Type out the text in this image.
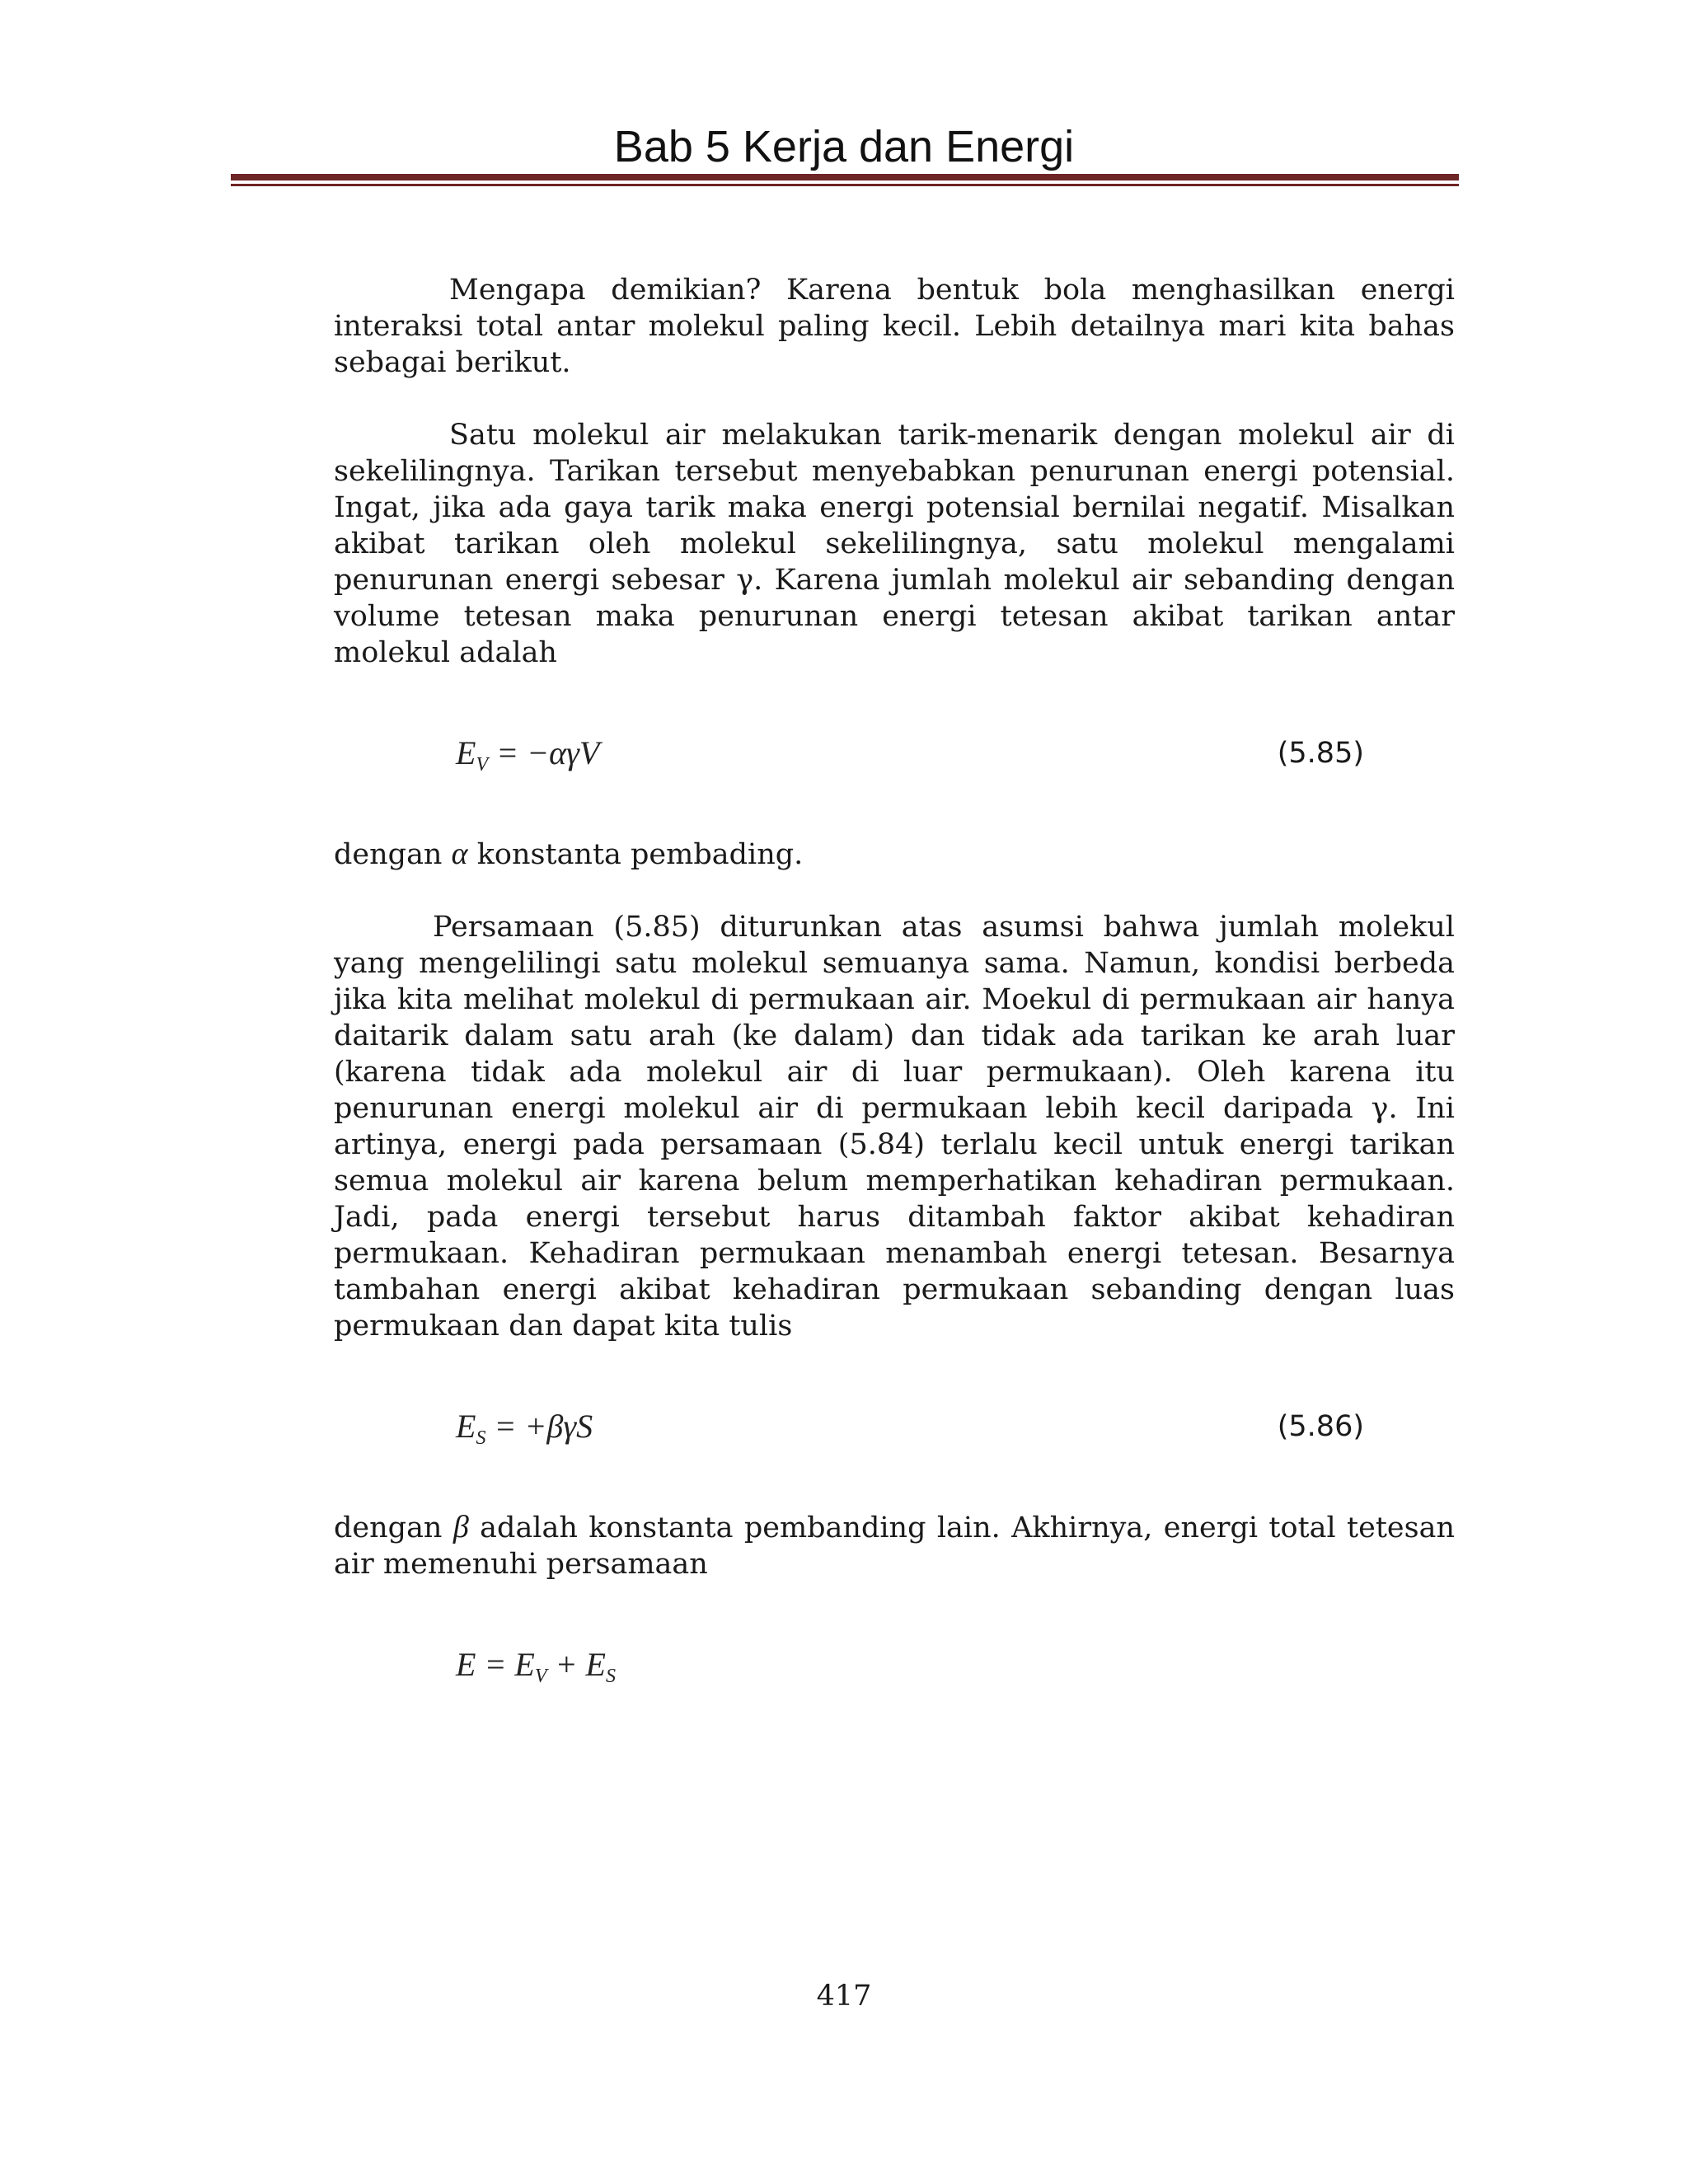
Bab 5 Kerja dan Energi

Mengapa demikian? Karena bentuk bola menghasilkan energi interaksi total antar molekul paling kecil. Lebih detailnya mari kita bahas sebagai berikut.

Satu molekul air melakukan tarik-menarik dengan molekul air di sekelilingnya. Tarikan tersebut menyebabkan penurunan energi potensial. Ingat, jika ada gaya tarik maka energi potensial bernilai negatif. Misalkan akibat tarikan oleh molekul sekelilingnya, satu molekul mengalami penurunan energi sebesar γ. Karena jumlah molekul air sebanding dengan volume tetesan maka penurunan energi tetesan akibat tarikan antar molekul adalah

$E_V = -\alpha\gamma V$	(5.85)

dengan α konstanta pembading.

Persamaan (5.85) diturunkan atas asumsi bahwa jumlah molekul yang mengelilingi satu molekul semuanya sama. Namun, kondisi berbeda jika kita melihat molekul di permukaan air. Moekul di permukaan air hanya daitarik dalam satu arah (ke dalam) dan tidak ada tarikan ke arah luar (karena tidak ada molekul air di luar permukaan). Oleh karena itu penurunan energi molekul air di permukaan lebih kecil daripada γ. Ini artinya, energi pada persamaan (5.84) terlalu kecil untuk energi tarikan semua molekul air karena belum memperhatikan kehadiran permukaan. Jadi, pada energi tersebut harus ditambah faktor akibat kehadiran permukaan. Kehadiran permukaan menambah energi tetesan. Besarnya tambahan energi akibat kehadiran permukaan sebanding dengan luas permukaan dan dapat kita tulis

$E_S = +\beta\gamma S$	(5.86)

dengan β adalah konstanta pembanding lain. Akhirnya, energi total tetesan air memenuhi persamaan

$E = E_V + E_S$
417
